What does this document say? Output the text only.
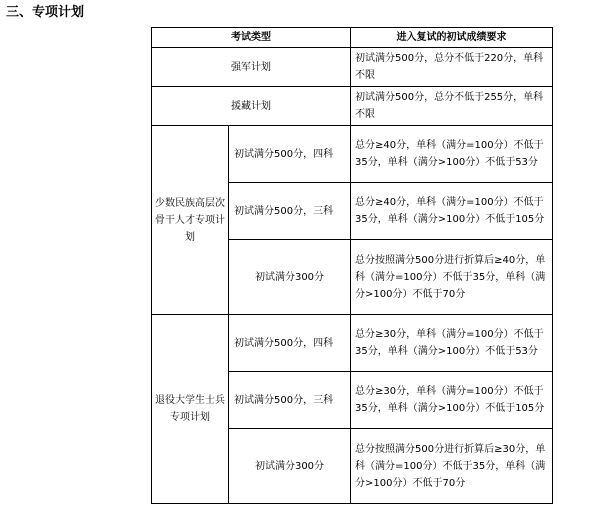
三、专项计划
考试类型		进入复试的初试成绩要求
强军计划		初试满分500分，总分不低于220分，单科不限
援藏计划		初试满分500分，总分不低于255分，单科不限
少数民族高层次骨干人才专项计划	初试满分500分，四科	总分≥40分，单科（满分=100分）不低于35分，单科（满分>100分）不低于53分
	初试满分500分，三科	总分≥40分，单科（满分=100分）不低于35分，单科（满分>100分）不低于105分
	初试满分300分	总分按照满分500分进行折算后≥40分，单科（满分=100分）不低于35分，单科（满分>100分）不低于70分
退役大学生士兵专项计划	初试满分500分，四科	总分≥30分，单科（满分=100分）不低于35分，单科（满分>100分）不低于53分
	初试满分500分，三科	总分≥30分，单科（满分=100分）不低于35分，单科（满分>100分）不低于105分
	初试满分300分	总分按照满分500分进行折算后≥30分，单科（满分=100分）不低于35分，单科（满分>100分）不低于70分
